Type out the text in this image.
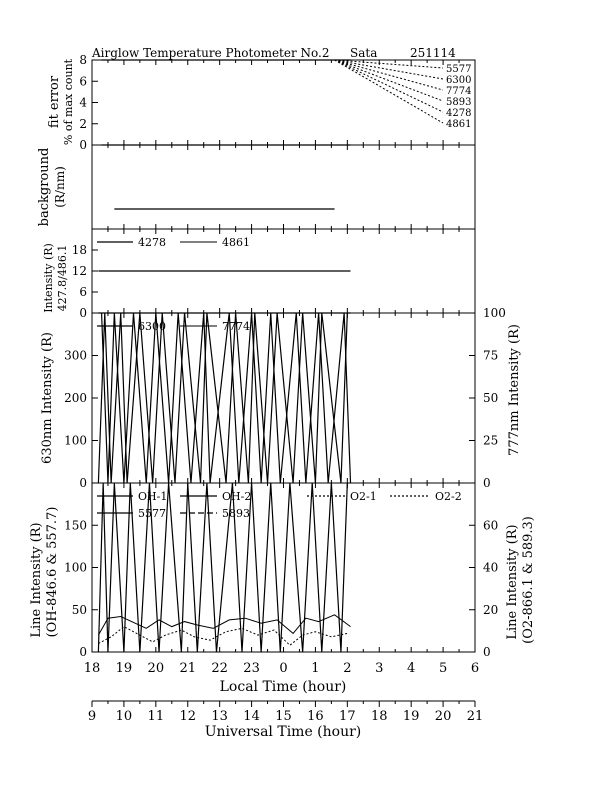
Airglow Temperature Photometer No.2 Sata	251114
fit error % of max count
background (R/nm)
Intensity (R) 427.8/486.1
630nm Intensity (R)	777nm Intensity (R)
Line Intensity (R) (OH-846.6 & 557.7)	Line Intensity (R) (O2-866.1 & 589.3)
18 19 20 21 22 23 0 1 2 3 4 5 6
9 10 11 12 13 14 15 16 17 18 19 20 21
0
2
4
6
8
0
6
12
18
0
100
200
300
0
25
50
75
100
0
50
100
150
0
20
40
60
5577
6300
7774
5893
4278
4861
4278	4861
6300	7774
OH-1	OH-2	O2-1	O2-2
5577	5893
Local Time (hour)
Universal Time (hour)
